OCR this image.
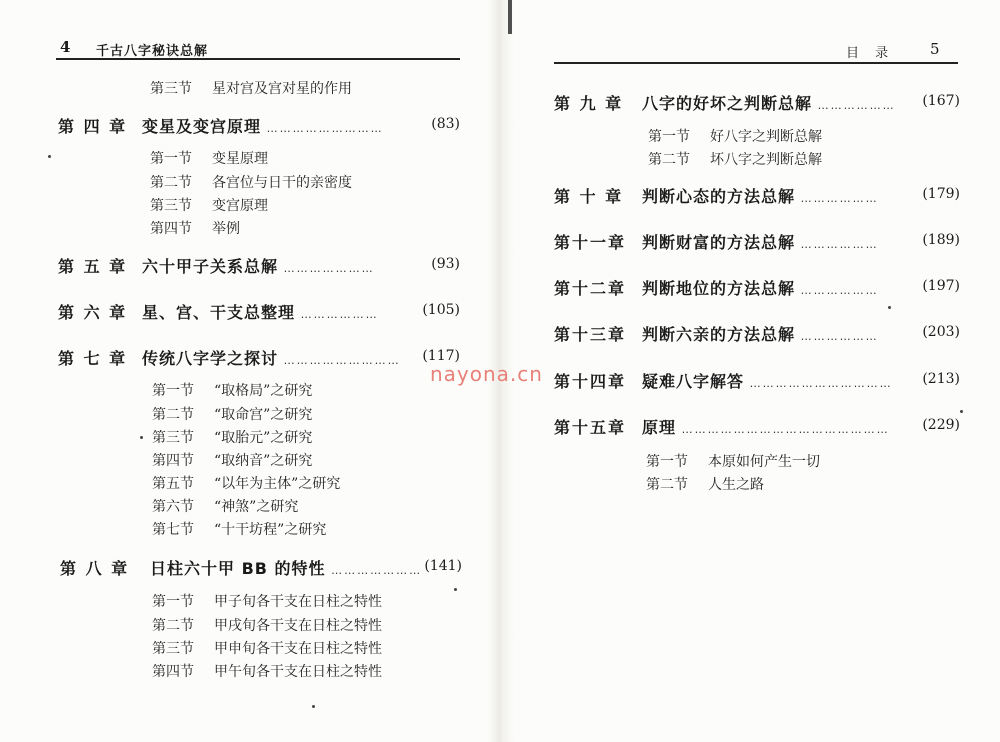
4 千古八字秘诀总解
第三节 星对宫及宫对星的作用
第 四 章 变星及变宫原理 ………………………	(83)
第一节 变星原理
第二节 各宫位与日干的亲密度
第三节 变宫原理
第四节 举例
第 五 章 六十甲子关系总解 …………………	(93)
第 六 章 星、宫、干支总整理 ………………	(105)
第 七 章 传统八字学之探讨 ……………………… (117)
第一节 “取格局”之研究
第二节 “取命宫”之研究
第三节 “取胎元”之研究
第四节 “取纳音”之研究
第五节 “以年为主体”之研究
第六节 “神煞”之研究
第七节 “十干坊程”之研究
第 八 章 日柱六十甲 BB 的特性 ………………… (141)
第一节 甲子旬各干支在日柱之特性
第二节 甲戌旬各干支在日柱之特性
第三节 甲申旬各干支在日柱之特性
第四节 甲午旬各干支在日柱之特性
目 录 5
第 九 章 八字的好坏之判断总解 ……………… (167)
第一节 好八字之判断总解
第二节 坏八字之判断总解
第 十 章 判断心态的方法总解 ………………	(179)
第十一章 判断财富的方法总解 ………………	(189)
第十二章 判断地位的方法总解 ………………	(197)
第十三章 判断六亲的方法总解 ………………	(203)
第十四章 疑难八字解答 …………………………… (213)
第十五章 原理 ………………………………………… (229)
第一节 本原如何产生一切
第二节 人生之路
nayona.cn
